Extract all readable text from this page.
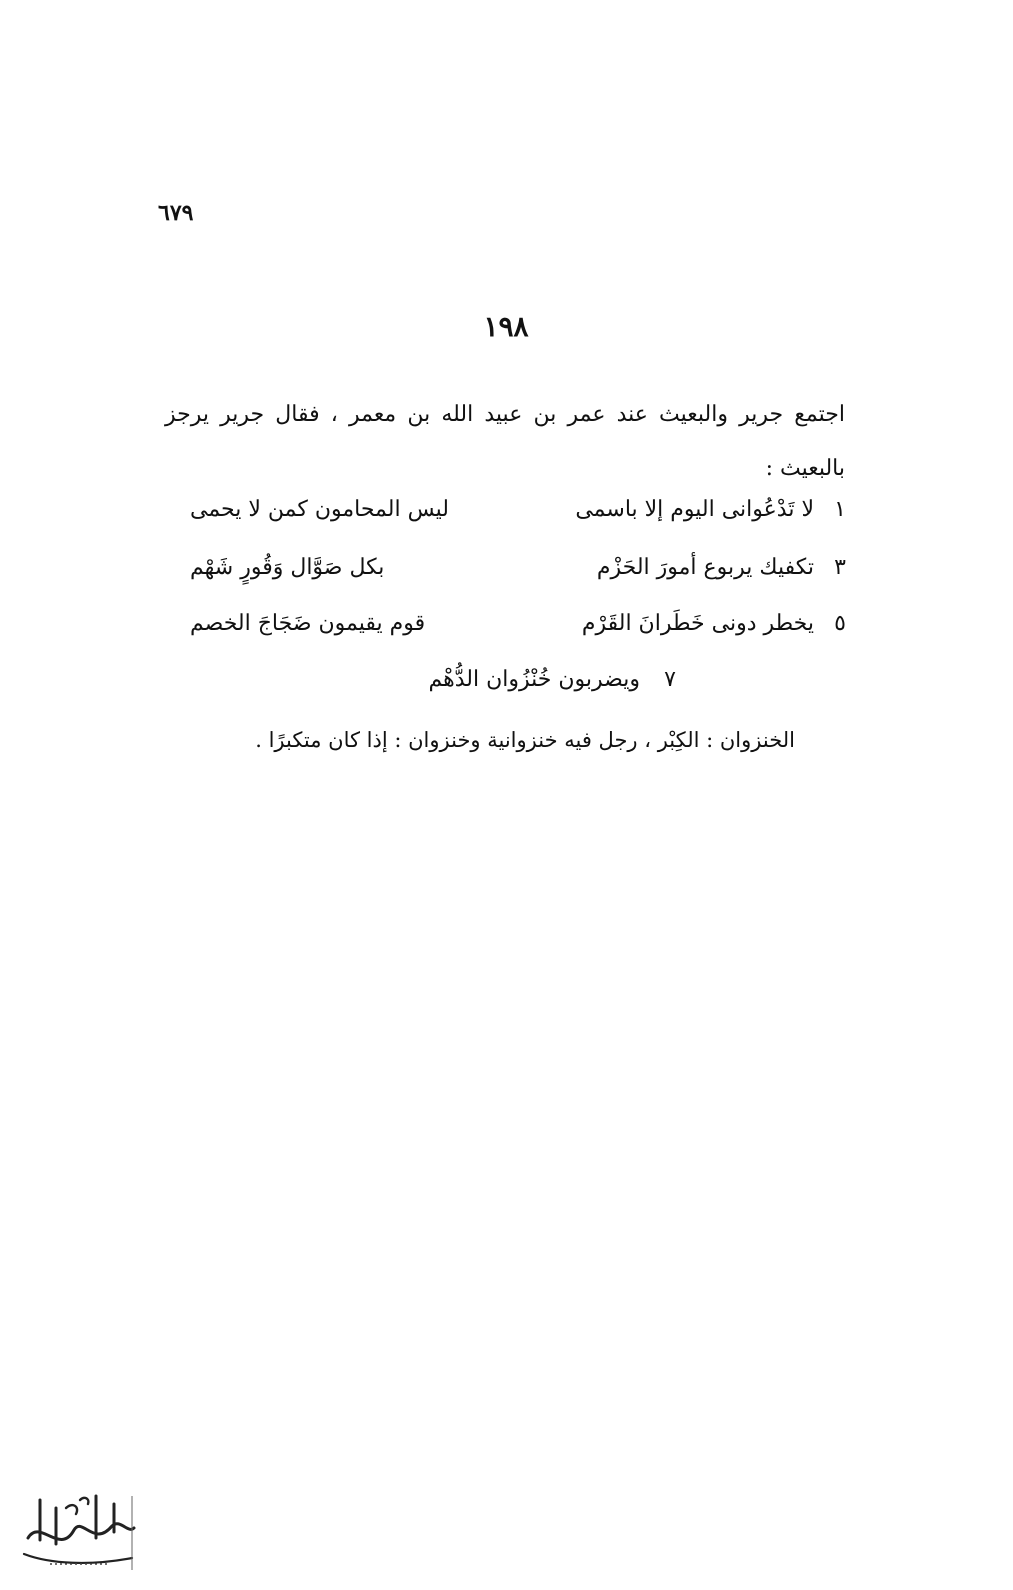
٦٧٩
١٩٨
اجتمع جرير والبعيث عند عمر بن عبيد الله بن معمر ، فقال جرير يرجز بالبعيث :
١
لا تَدْعُوانى اليوم إلا باسمى
ليس المحامون كمن لا يحمى
٣
تكفيك يربوع أمورَ الحَزْم
بكل صَوَّال وَقُورٍ شَهْم
٥
يخطر دونى خَطَرانَ القَرْم
قوم يقيمون ضَجَاجَ الخصم
٧
ويضربون خُنْزُوان الدُّهْم
الخنزوان : الكِبْر ، رجل فيه خنزوانية وخنزوان : إذا كان متكبرًا .
